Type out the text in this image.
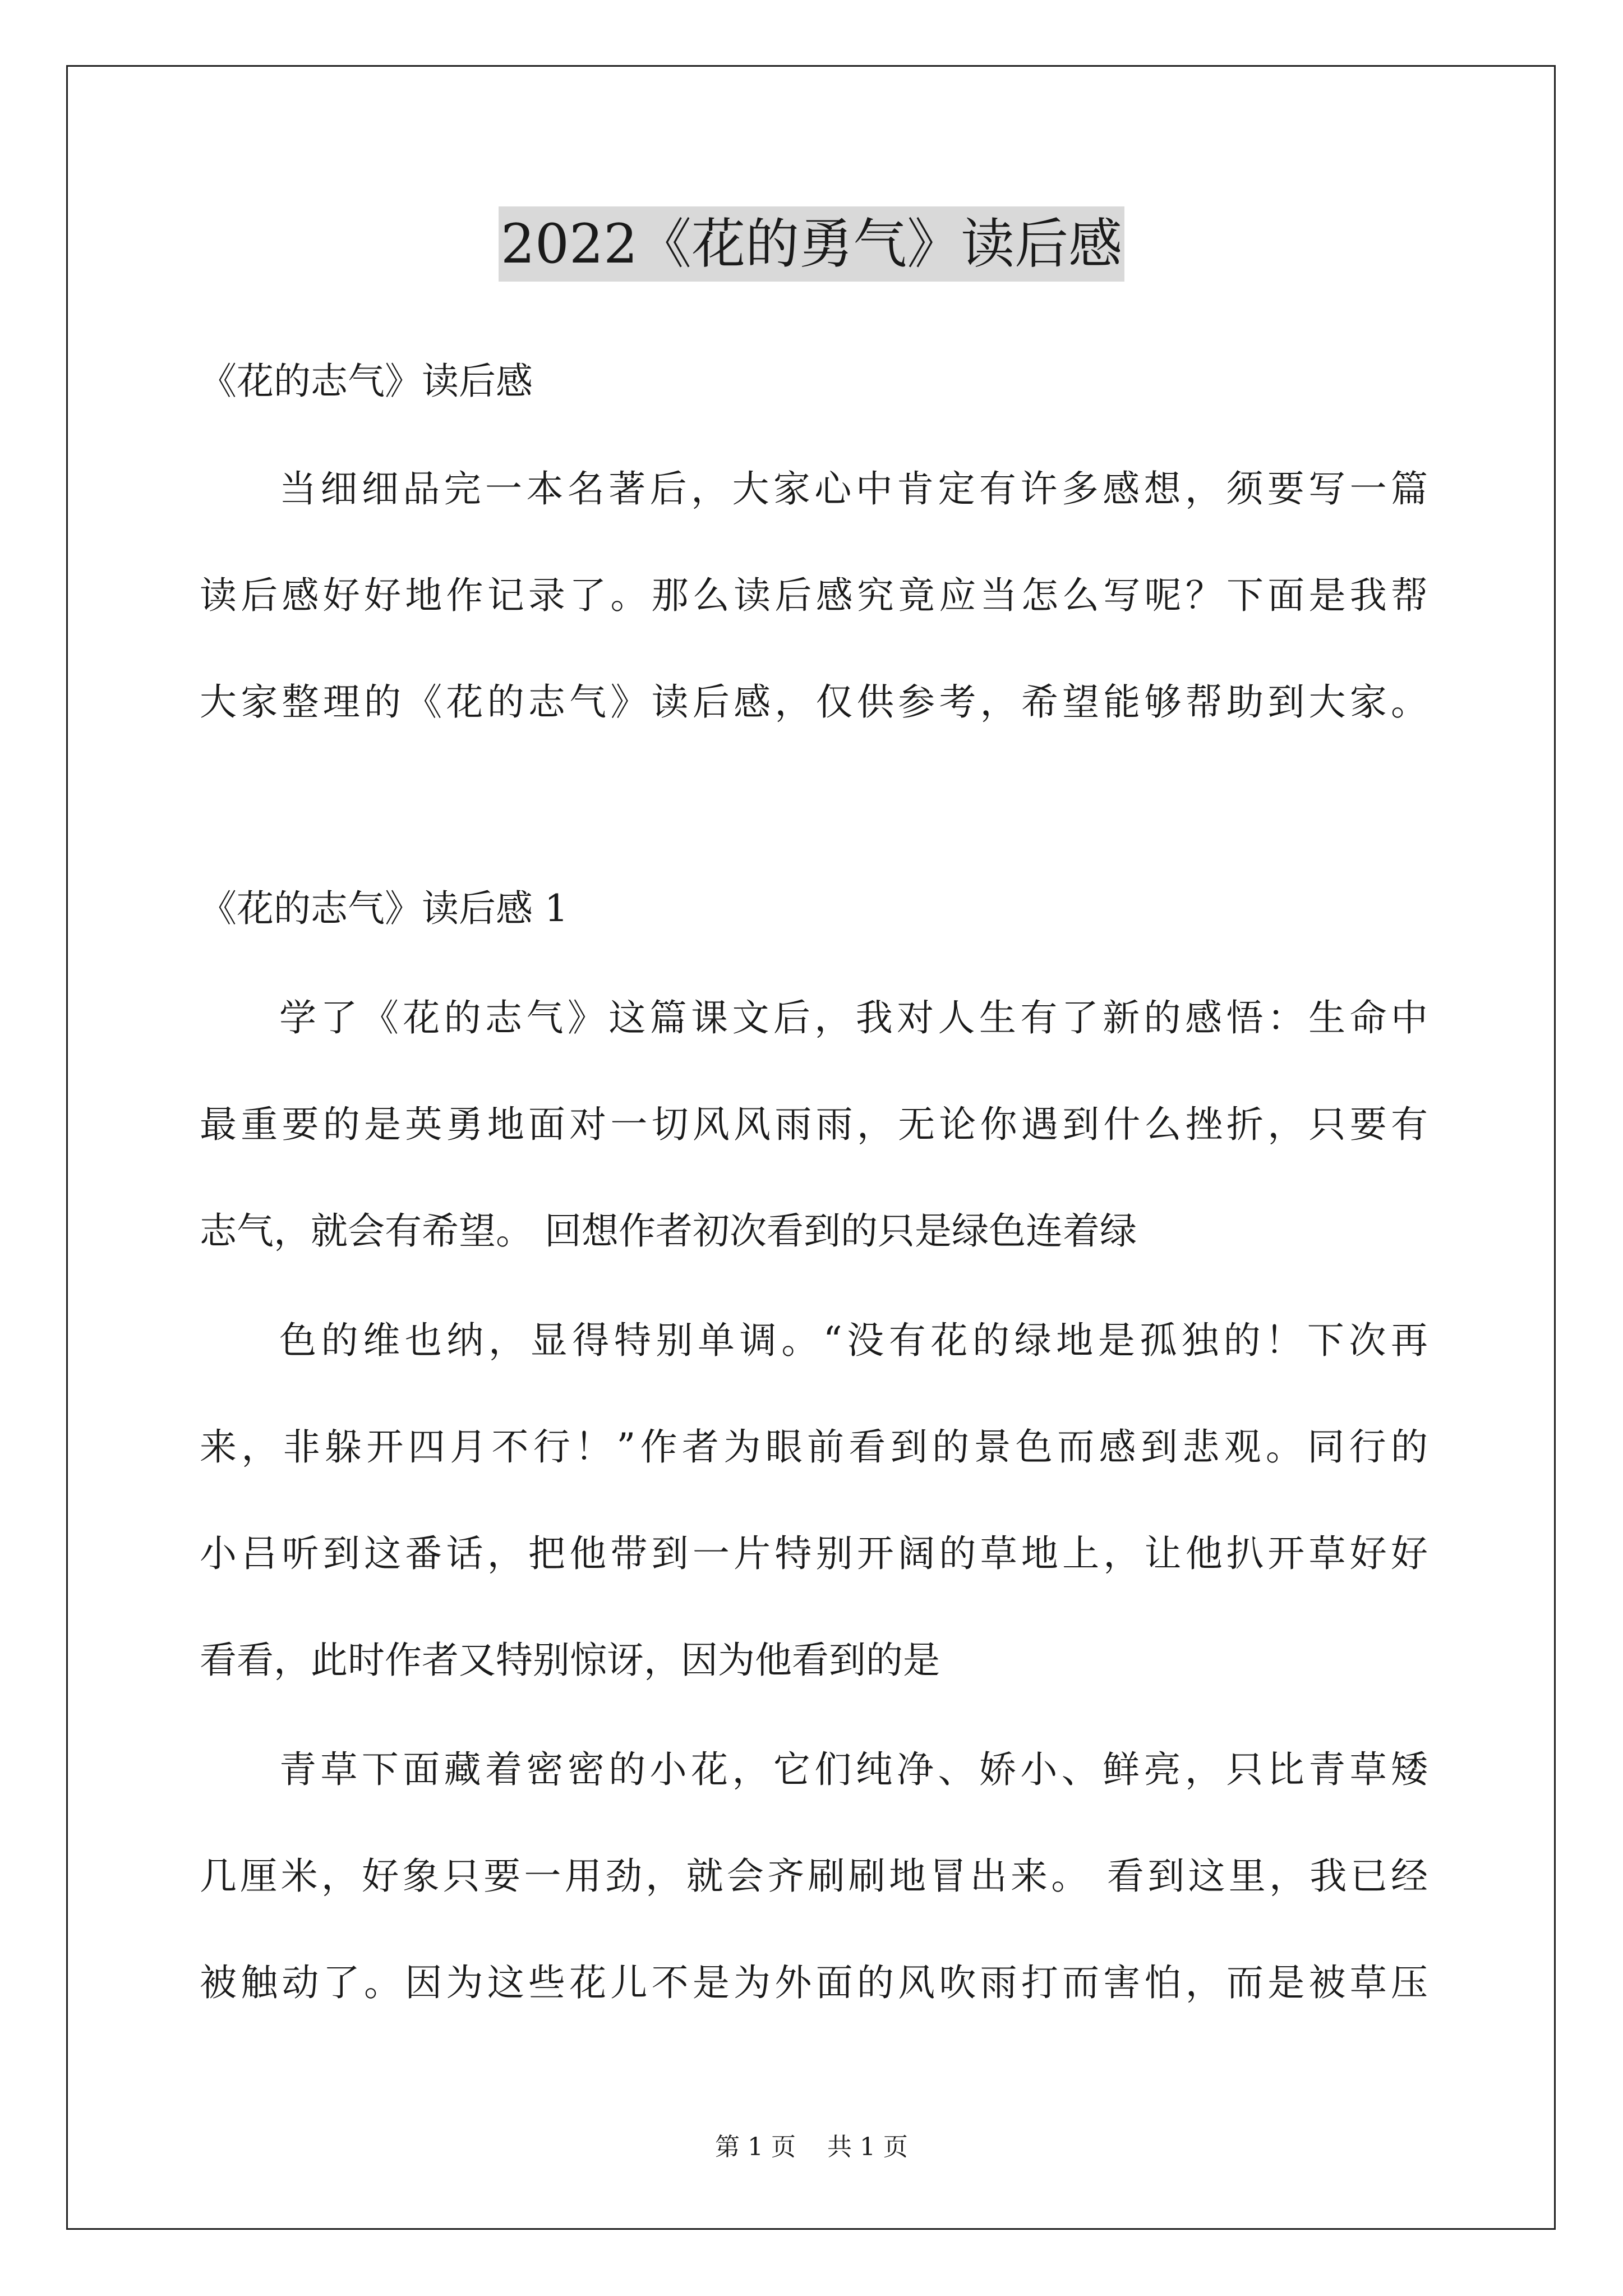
2022《花的勇气》读后感
《花的志气》读后感
当细细品完一本名著后，大家心中肯定有许多感想，须要写一篇
读后感好好地作记录了。那么读后感究竟应当怎么写呢？下面是我帮
大家整理的《花的志气》读后感，仅供参考，希望能够帮助到大家。
《花的志气》读后感 1
学了《花的志气》这篇课文后，我对人生有了新的感悟：生命中
最重要的是英勇地面对一切风风雨雨，无论你遇到什么挫折，只要有
志气，就会有希望。 回想作者初次看到的只是绿色连着绿
色的维也纳，显得特别单调。“没有花的绿地是孤独的！下次再
来，非躲开四月不行！”作者为眼前看到的景色而感到悲观。同行的
小吕听到这番话，把他带到一片特别开阔的草地上，让他扒开草好好
看看，此时作者又特别惊讶，因为他看到的是
青草下面藏着密密的小花，它们纯净、娇小、鲜亮，只比青草矮
几厘米，好象只要一用劲，就会齐刷刷地冒出来。 看到这里，我已经
被触动了。因为这些花儿不是为外面的风吹雨打而害怕，而是被草压
第 1 页    共 1 页
